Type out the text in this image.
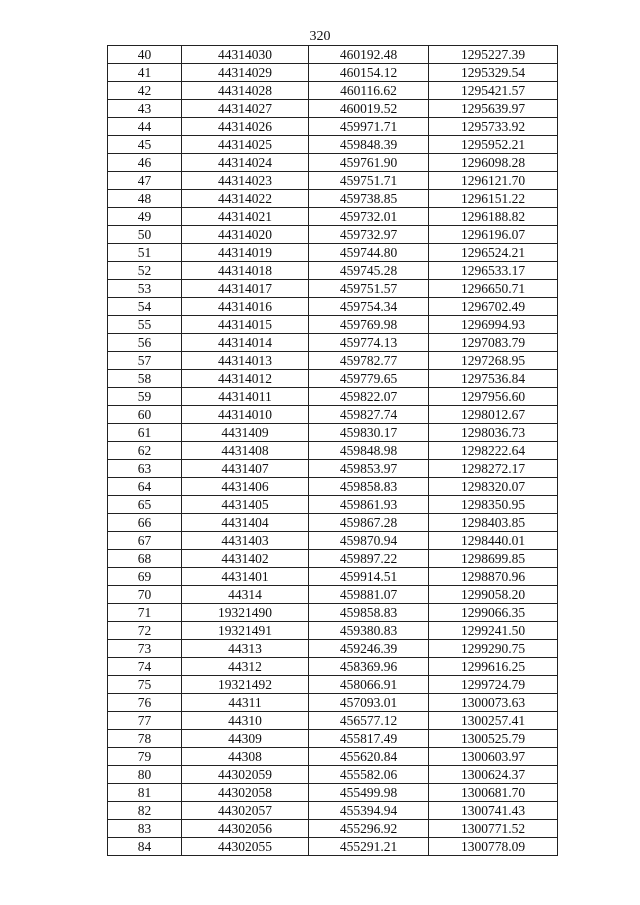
320
40	44314030	460192.48	1295227.39
41	44314029	460154.12	1295329.54
42	44314028	460116.62	1295421.57
43	44314027	460019.52	1295639.97
44	44314026	459971.71	1295733.92
45	44314025	459848.39	1295952.21
46	44314024	459761.90	1296098.28
47	44314023	459751.71	1296121.70
48	44314022	459738.85	1296151.22
49	44314021	459732.01	1296188.82
50	44314020	459732.97	1296196.07
51	44314019	459744.80	1296524.21
52	44314018	459745.28	1296533.17
53	44314017	459751.57	1296650.71
54	44314016	459754.34	1296702.49
55	44314015	459769.98	1296994.93
56	44314014	459774.13	1297083.79
57	44314013	459782.77	1297268.95
58	44314012	459779.65	1297536.84
59	44314011	459822.07	1297956.60
60	44314010	459827.74	1298012.67
61	4431409	459830.17	1298036.73
62	4431408	459848.98	1298222.64
63	4431407	459853.97	1298272.17
64	4431406	459858.83	1298320.07
65	4431405	459861.93	1298350.95
66	4431404	459867.28	1298403.85
67	4431403	459870.94	1298440.01
68	4431402	459897.22	1298699.85
69	4431401	459914.51	1298870.96
70	44314	459881.07	1299058.20
71	19321490	459858.83	1299066.35
72	19321491	459380.83	1299241.50
73	44313	459246.39	1299290.75
74	44312	458369.96	1299616.25
75	19321492	458066.91	1299724.79
76	44311	457093.01	1300073.63
77	44310	456577.12	1300257.41
78	44309	455817.49	1300525.79
79	44308	455620.84	1300603.97
80	44302059	455582.06	1300624.37
81	44302058	455499.98	1300681.70
82	44302057	455394.94	1300741.43
83	44302056	455296.92	1300771.52
84	44302055	455291.21	1300778.09
